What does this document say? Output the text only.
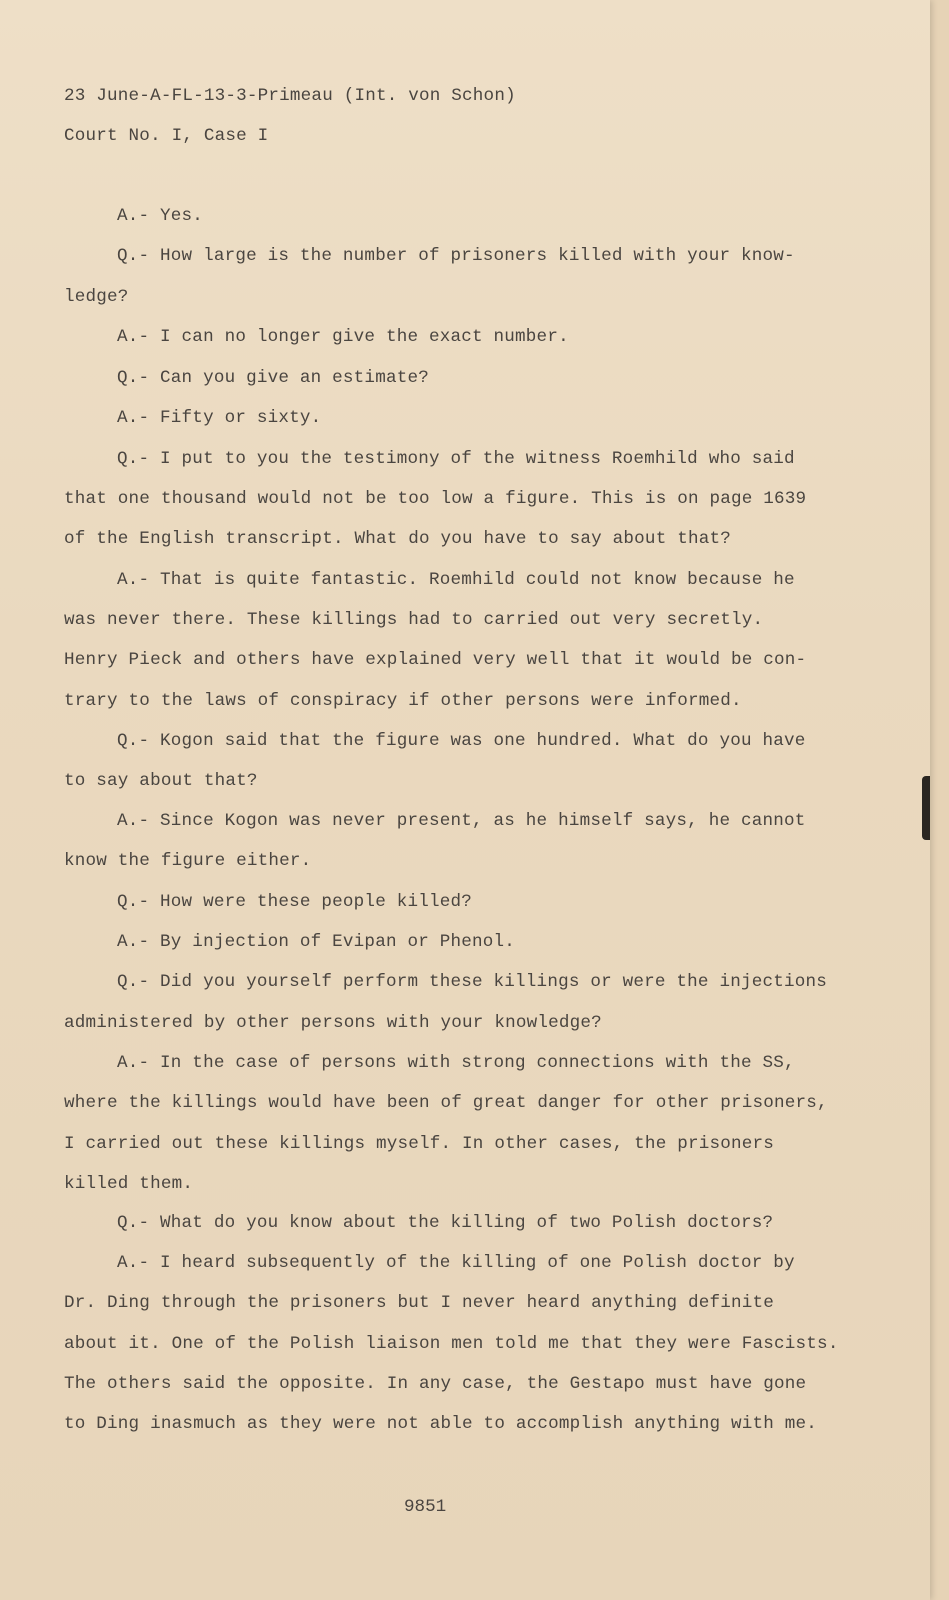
23 June-A-FL-13-3-Primeau (Int. von Schon)
Court No. I, Case I
A.- Yes.
Q.- How large is the number of prisoners killed with your know-
ledge?
A.- I can no longer give the exact number.
Q.- Can you give an estimate?
A.- Fifty or sixty.
Q.- I put to you the testimony of the witness Roemhild who said
that one thousand would not be too low a figure. This is on page 1639
of the English transcript. What do you have to say about that?
A.- That is quite fantastic. Roemhild could not know because he
was never there. These killings had to carried out very secretly.
Henry Pieck and others have explained very well that it would be con-
trary to the laws of conspiracy if other persons were informed.
Q.- Kogon said that the figure was one hundred. What do you have
to say about that?
A.- Since Kogon was never present, as he himself says, he cannot
know the figure either.
Q.- How were these people killed?
A.- By injection of Evipan or Phenol.
Q.- Did you yourself perform these killings or were the injections
administered by other persons with your knowledge?
A.- In the case of persons with strong connections with the SS,
where the killings would have been of great danger for other prisoners,
I carried out these killings myself. In other cases, the prisoners
killed them.
Q.- What do you know about the killing of two Polish doctors?
A.- I heard subsequently of the killing of one Polish doctor by
Dr. Ding through the prisoners but I never heard anything definite
about it. One of the Polish liaison men told me that they were Fascists.
The others said the opposite. In any case, the Gestapo must have gone
to Ding inasmuch as they were not able to accomplish anything with me.
9851
